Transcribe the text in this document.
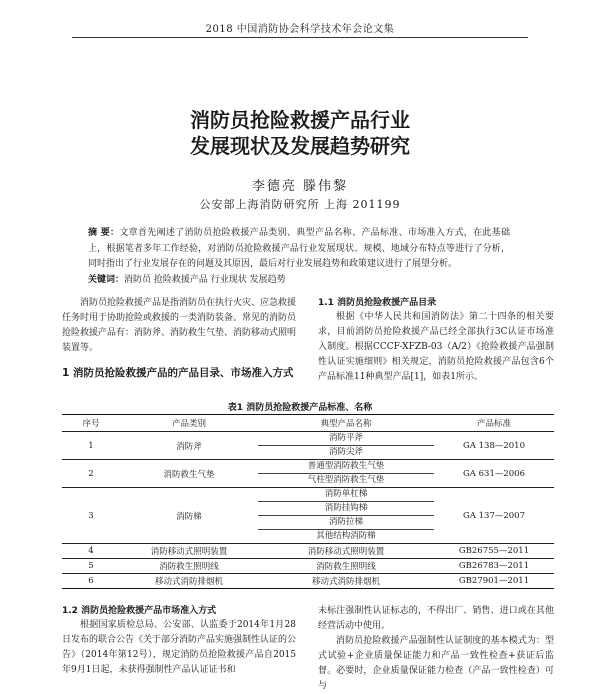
2018 中国消防协会科学技术年会论文集
消防员抢险救援产品行业
发展现状及发展趋势研究
李德亮 滕伟黎
公安部上海消防研究所 上海 201199
摘 要：文章首先阐述了消防员抢险救援产品类别、典型产品名称、产品标准、市场准入方式，在此基础上，根据笔者多年工作经验，对消防员抢险救援产品行业发展现状、规模、地域分布特点等进行了分析，同时指出了行业发展存在的问题及其原因，最后对行业发展趋势和政策建议进行了展望分析。
关键词：消防员 抢险救援产品 行业现状 发展趋势

消防员抢险救援产品是指消防员在执行火灾、应急救援任务时用于协助抢险或救援的一类消防装备。常见的消防员抢险救援产品有：消防斧、消防救生气垫、消防移动式照明装置等。

1 消防员抢险救援产品的产品目录、市场准入方式
1.1 消防员抢险救援产品目录

根据《中华人民共和国消防法》第二十四条的相关要求，目前消防员抢险救援产品已经全部执行3C认证市场准入制度。根据CCCF-XFZB-03（A/2）《抢险救援产品强制性认证实施细则》相关规定，消防员抢险救援产品包含6个产品标准11种典型产品[1]，如表1所示。

表1 消防员抢险救援产品标准、名称
序号	产品类别	典型产品名称	产品标准
1	消防斧	消防平斧
消防尖斧	GA 138—2010
2	消防救生气垫	普通型消防救生气垫
气柱型消防救生气垫	GA 631—2006
3	消防梯	消防单杠梯
消防挂钩梯
消防拉梯
其他结构消防梯	GA 137—2007
4	消防移动式照明装置	消防移动式照明装置	GB26755—2011
5	消防救生照明线	消防救生照明线	GB26783—2011
6	移动式消防排烟机	移动式消防排烟机	GB27901—2011
1.2 消防员抢险救援产品市场准入方式

根据国家质检总局、公安部、认监委于2014年1月28日发布的联合公告《关于部分消防产品实施强制性认证的公告》（2014年第12号），规定消防员抢险救援产品自2015年9月1日起，未获得强制性产品认证证书和

未标注强制性认证标志的，不得出厂、销售、进口或在其他经营活动中使用。

消防员抢险救援产品强制性认证制度的基本模式为：型式试验+企业质量保证能力和产品一致性检查+获证后监督。必要时，企业质量保证能力检查（产品一致性检查）可与
